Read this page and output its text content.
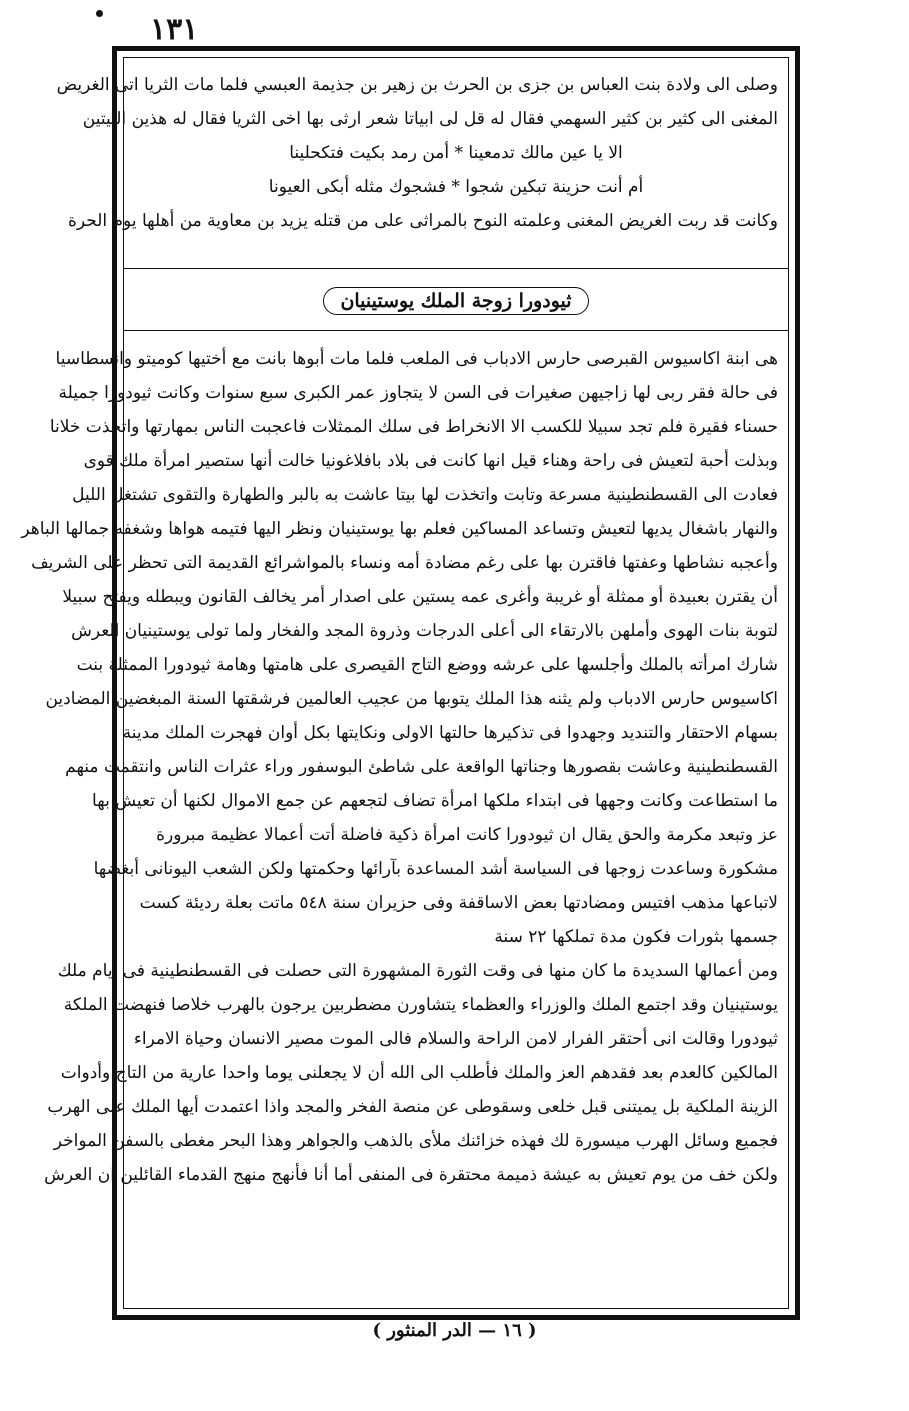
١٣١
وصلى الى ولادة بنت العباس بن جزى بن الحرث بن زهير بن جذيمة العبسي فلما مات الثريا اتى الغريض
المغنى الى كثير بن كثير السهمي فقال له قل لى ابياتا شعر ارثى بها اخى الثريا فقال له هذين البيتين
الا يا عين مالك تدمعينا * أمن رمد بكيت فتكحلينا
أم أنت حزينة تبكين شجوا * فشجوك مثله أبكى العيونا
وكانت قد ربت الغريض المغنى وعلمته النوح بالمراثى على من قتله يزيد بن معاوية من أهلها يوم الحرة
ثيودورا زوجة الملك يوستينيان
هى ابنة اكاسيوس القبرصى حارس الادباب فى الملعب فلما مات أبوها بانت مع أختيها كوميتو وانسطاسيا
فى حالة فقر ربى لها زاجيهن صغيرات فى السن لا يتجاوز عمر الكبرى سبع سنوات وكانت ثيودورا جميلة
حسناء فقيرة فلم تجد سبيلا للكسب الا الانخراط فى سلك الممثلات فاعجبت الناس بمهارتها واتخذت خلانا
وبذلت أحبة لتعيش فى راحة وهناء قيل انها كانت فى بلاد بافلاغونيا خالت أنها ستصير امرأة ملك قوى
فعادت الى القسطنطينية مسرعة وتابت واتخذت لها بيتا عاشت به بالبر والطهارة والتقوى تشتغل الليل
والنهار باشغال يديها لتعيش وتساعد المساكين فعلم بها يوستينيان ونظر اليها فتيمه هواها وشغفه جمالها الباهر
وأعجبه نشاطها وعفتها فاقترن بها على رغم مضادة أمه ونساء بالمواشرائع القديمة التى تحظر على الشريف
أن يقترن بعبيدة أو ممثلة أو غريبة وأغرى عمه يستين على اصدار أمر يخالف القانون ويبطله ويفتح سبيلا
لتوبة بنات الهوى وأملهن بالارتقاء الى أعلى الدرجات وذروة المجد والفخار ولما تولى يوستينيان العرش
شارك امرأته بالملك وأجلسها على عرشه ووضع التاج القيصرى على هامتها وهامة ثيودورا الممثلة بنت
اكاسيوس حارس الادباب ولم يثنه هذا الملك يتوبها من عجيب العالمين فرشقتها السنة المبغضين المضادين
بسهام الاحتقار والتنديد وجهدوا فى تذكيرها حالتها الاولى ونكايتها بكل أوان فهجرت الملك مدينة
القسطنطينية وعاشت بقصورها وجناتها الواقعة على شاطئ البوسفور وراء عثرات الناس وانتقمت منهم
ما استطاعت وكانت وجهها فى ابتداء ملكها امرأة تضاف لتجعهم عن جمع الاموال لكنها أن تعيش بها
عز وتبعد مكرمة والحق يقال ان ثيودورا كانت امرأة ذكية فاضلة أتت أعمالا عظيمة مبرورة
مشكورة وساعدت زوجها فى السياسة أشد المساعدة بآرائها وحكمتها ولكن الشعب اليونانى أبغضها
لاتباعها مذهب افتيس ومضادتها بعض الاساقفة وفى حزيران سنة ٥٤٨ ماتت بعلة رديئة كست
جسمها بثورات فكون مدة تملكها ٢٢ سنة
ومن أعمالها السديدة ما كان منها فى وقت الثورة المشهورة التى حصلت فى القسطنطينية فى أيام ملك
يوستينيان وقد اجتمع الملك والوزراء والعظماء يتشاورن مضطربين يرجون بالهرب خلاصا فنهضت الملكة
ثيودورا وقالت انى أحتقر الفرار لامن الراحة والسلام فالى الموت مصير الانسان وحياة الامراء
المالكين كالعدم بعد فقدهم العز والملك فأطلب الى الله أن لا يجعلنى يوما واحدا عارية من التاج وأدوات
الزينة الملكية بل يميتنى قبل خلعى وسقوطى عن منصة الفخر والمجد واذا اعتمدت أيها الملك على الهرب
فجميع وسائل الهرب ميسورة لك فهذه خزائنك ملأى بالذهب والجواهر وهذا البحر مغطى بالسفن المواخر
ولكن خف من يوم تعيش به عيشة ذميمة محتقرة فى المنفى أما أنا فأنهج منهج القدماء القائلين ان العرش
( ١٦ — الدر المنثور )
